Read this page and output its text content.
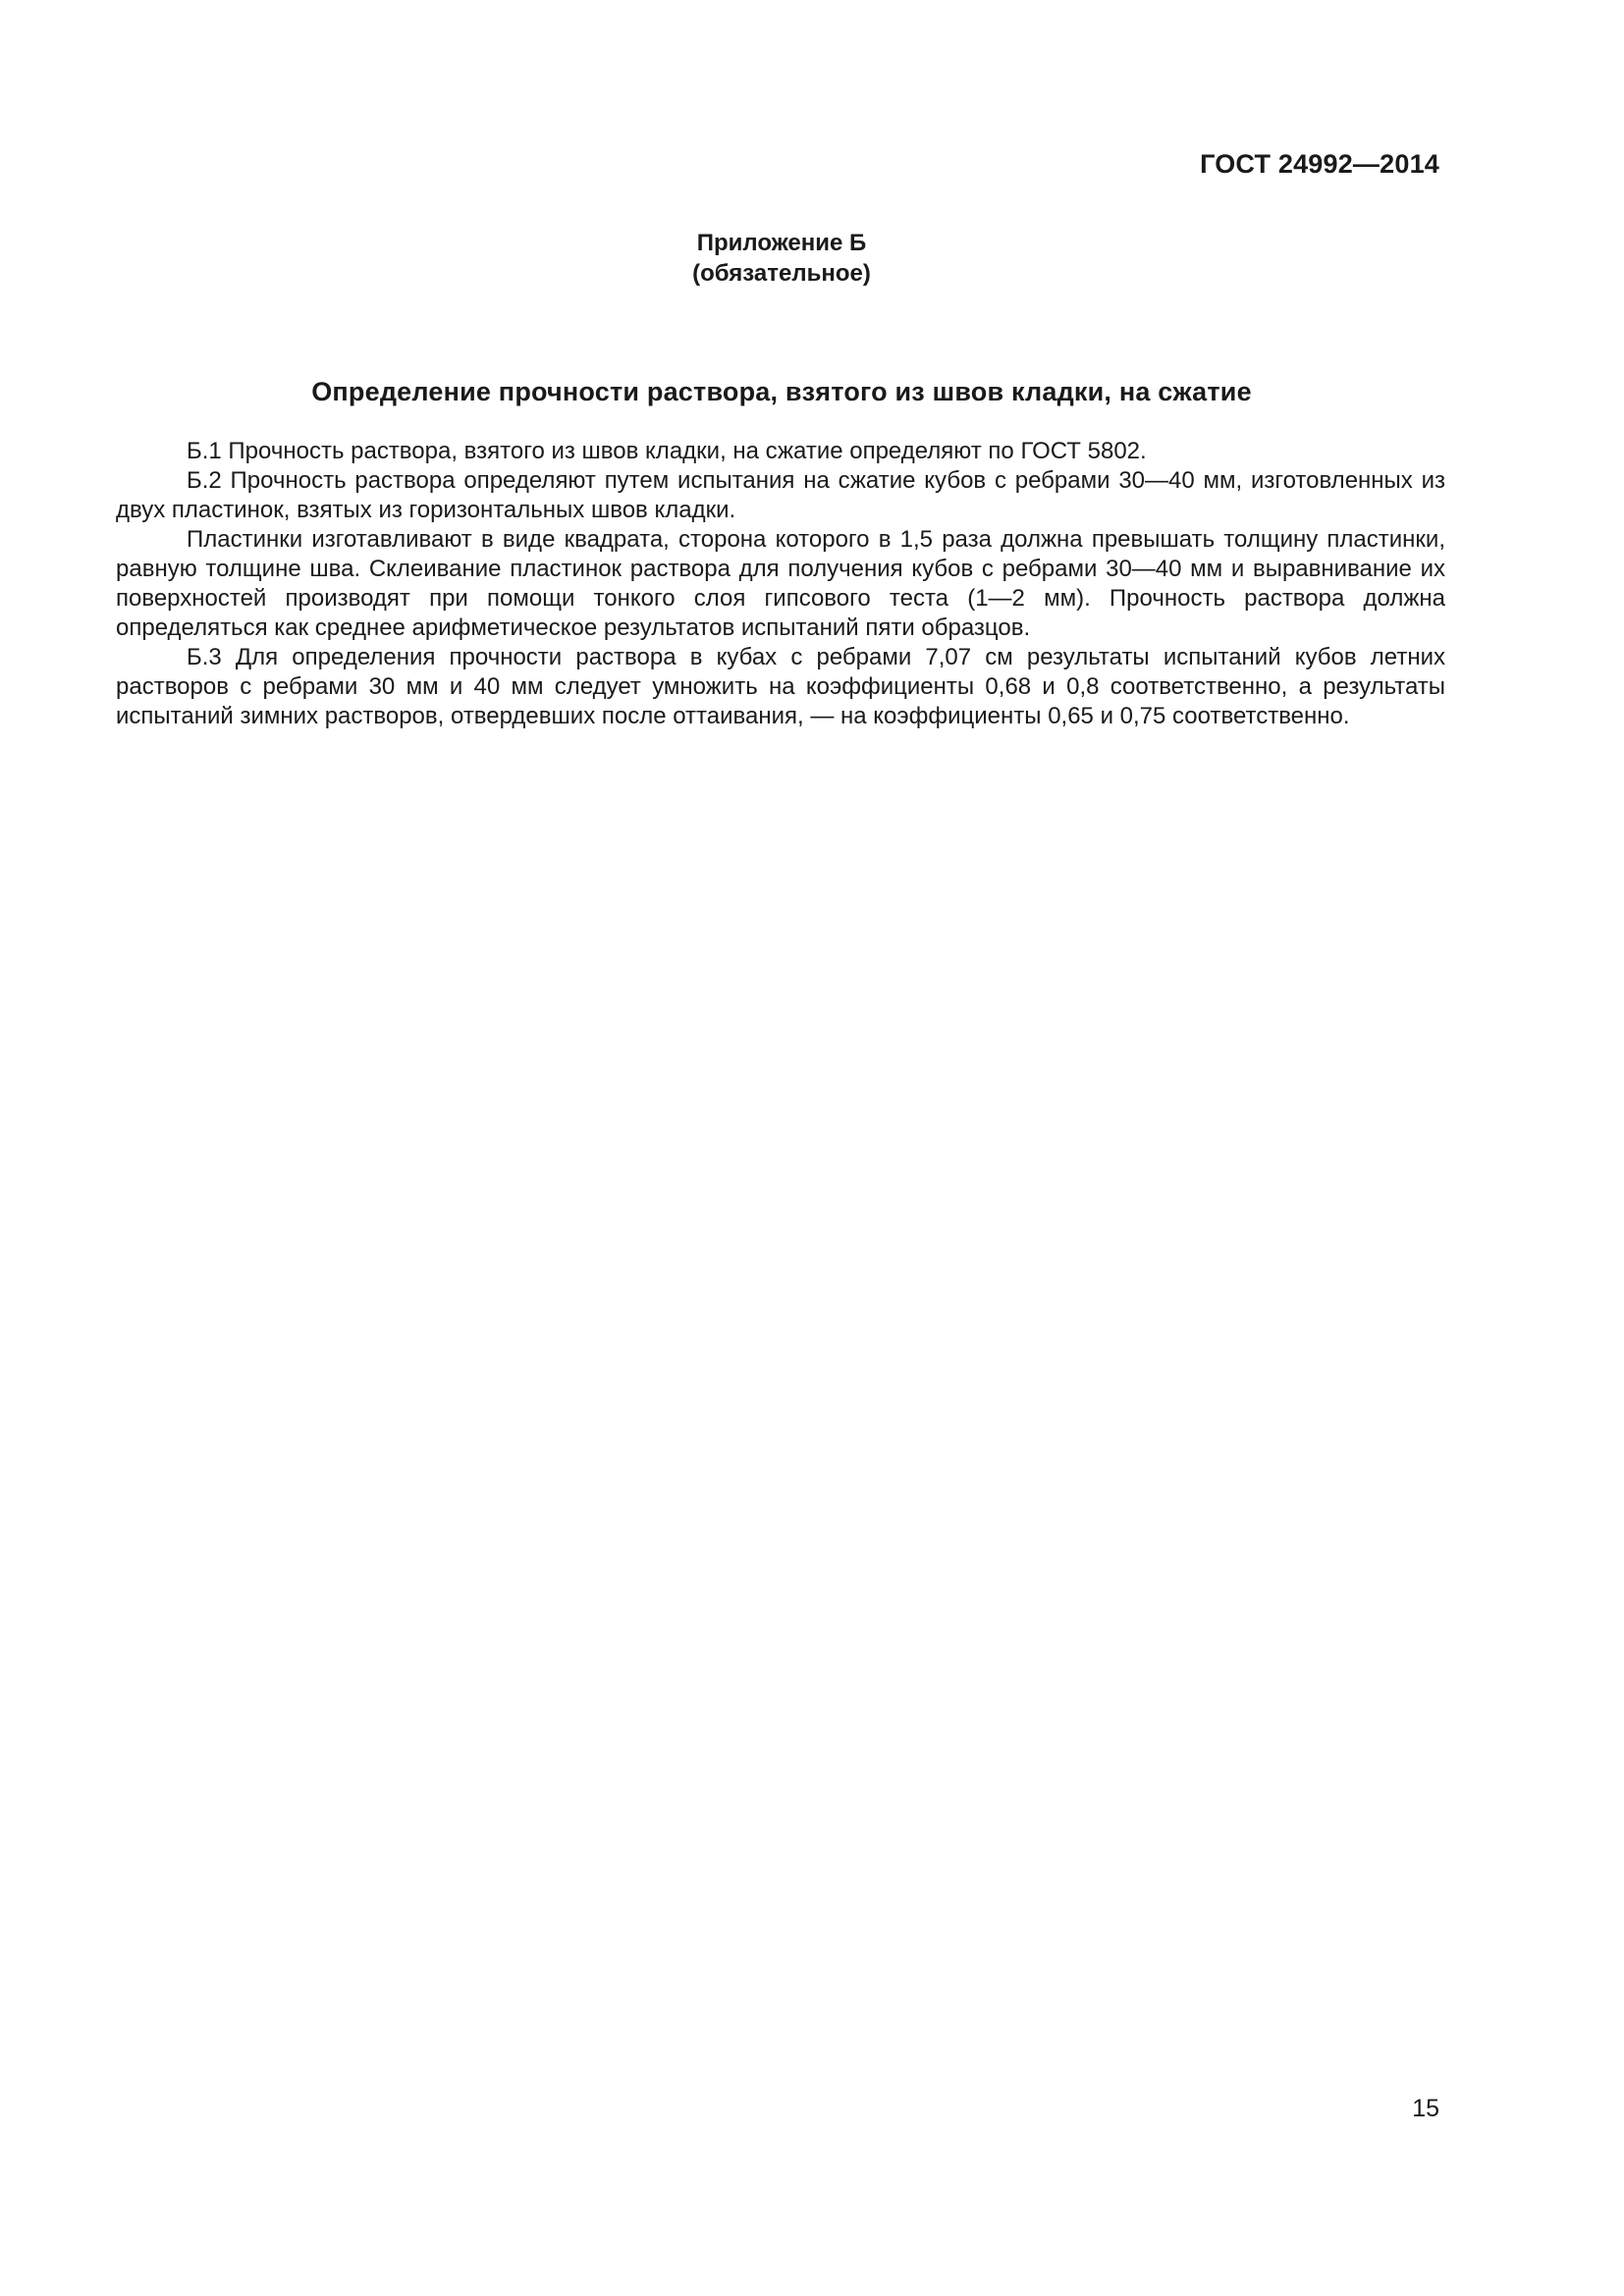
ГОСТ 24992—2014
Приложение Б
(обязательное)
Определение прочности раствора, взятого из швов кладки, на сжатие

Б.1 Прочность раствора, взятого из швов кладки, на сжатие определяют по ГОСТ 5802.

Б.2 Прочность раствора определяют путем испытания на сжатие кубов с ребрами 30—40 мм, изготовленных из двух пластинок, взятых из горизонтальных швов кладки.

Пластинки изготавливают в виде квадрата, сторона которого в 1,5 раза должна превышать толщину пластинки, равную толщине шва. Склеивание пластинок раствора для получения кубов с ребрами 30—40 мм и выравнивание их поверхностей производят при помощи тонкого слоя гипсового теста (1—2 мм). Прочность раствора должна определяться как среднее арифметическое результатов испытаний пяти образцов.

Б.3 Для определения прочности раствора в кубах с ребрами 7,07 см результаты испытаний кубов летних растворов с ребрами 30 мм и 40 мм следует умножить на коэффициенты 0,68 и 0,8 соответственно, а результаты испытаний зимних растворов, отвердевших после оттаивания, — на коэффициенты 0,65 и 0,75 соответственно.

15
